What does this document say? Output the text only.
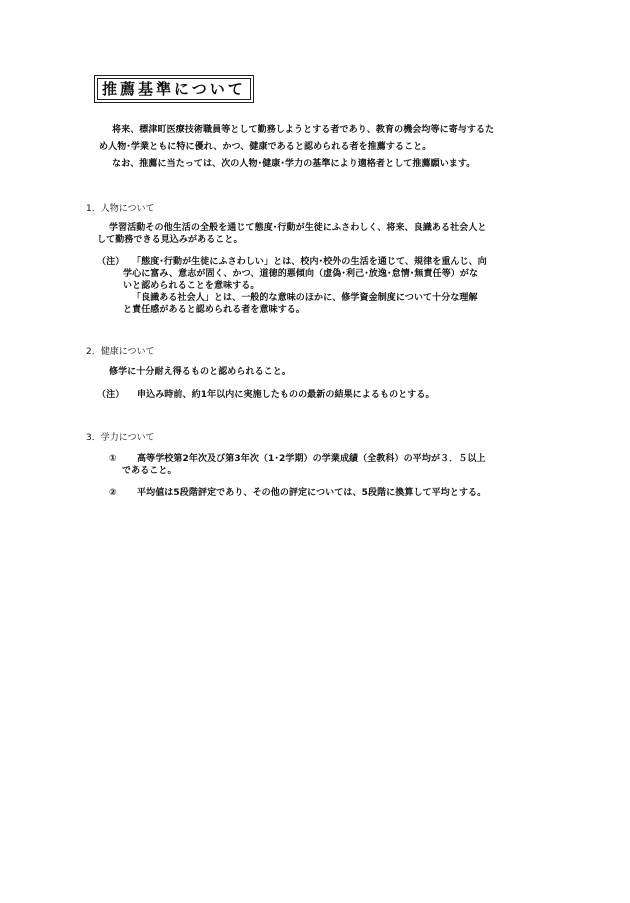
推薦基準について
将来、標津町医療技術職員等として勤務しようとする者であり、教育の機会均等に寄与するた
め人物･学業ともに特に優れ、かつ、健康であると認められる者を推薦すること。
なお、推薦に当たっては、次の人物･健康･学力の基準により適格者として推薦願います。
1．人物について
学習活動その他生活の全般を通じて態度･行動が生徒にふさわしく、将来、良識ある社会人と
して勤務できる見込みがあること。
（注） 「態度･行動が生徒にふさわしい」とは、校内･校外の生活を通じて、規律を重んじ、向
学心に富み、意志が固く、かつ、道徳的悪傾向（虚偽･利己･放逸･怠情･無責任等）がな
いと認められることを意味する。
「良識ある社会人」とは、一般的な意味のほかに、修学資金制度について十分な理解
と責任感があると認められる者を意味する。
2．健康について
修学に十分耐え得るものと認められること。
（注） 申込み時前、約1年以内に実施したものの最新の結果によるものとする。
3．学力について
① 高等学校第2年次及び第3年次（1･2学期）の学業成績（全教科）の平均が３．５以上
であること。
② 平均値は5段階評定であり、その他の評定については、5段階に換算して平均とする。
